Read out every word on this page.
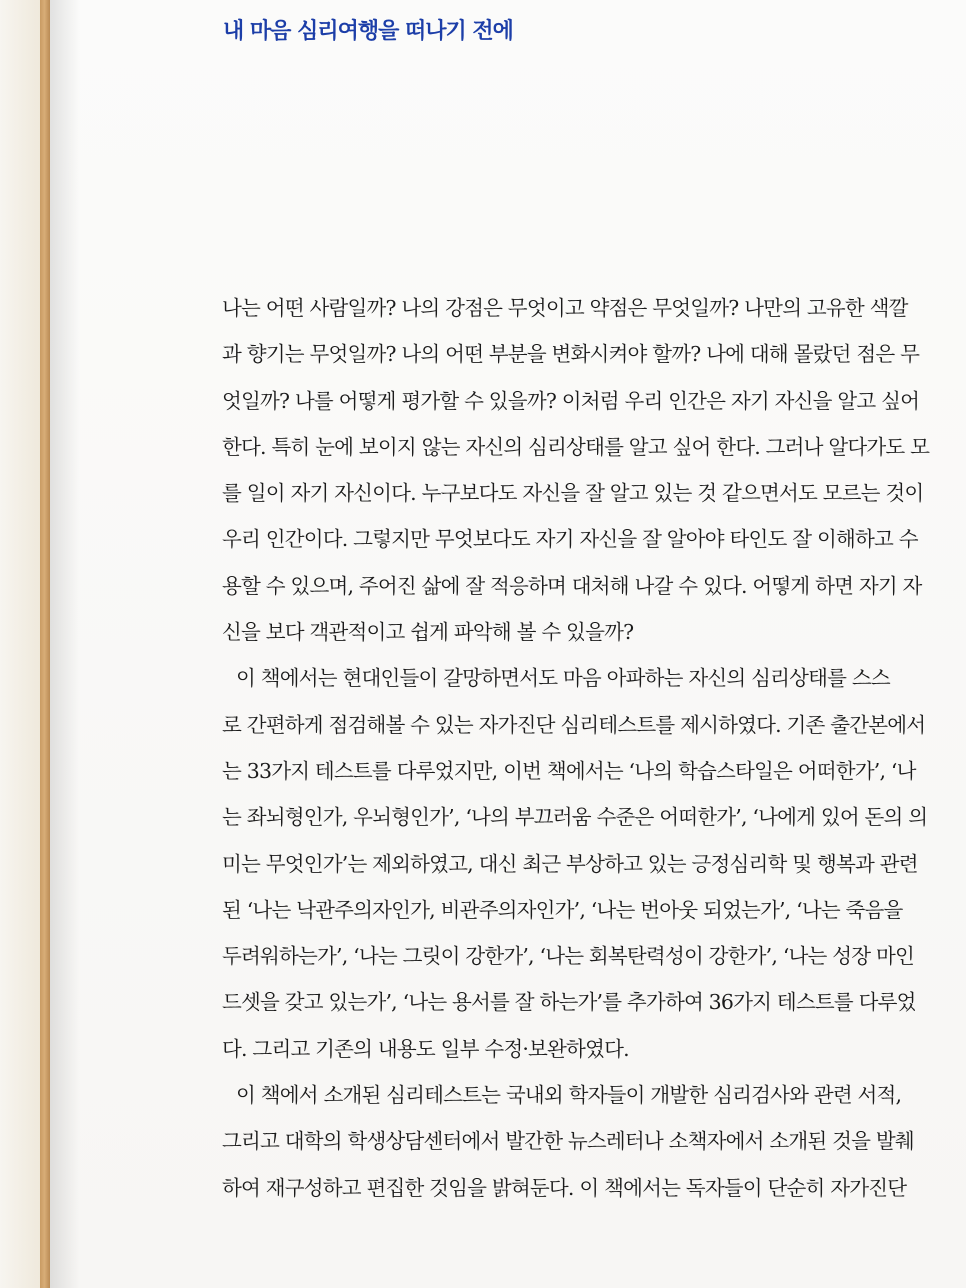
내 마음 심리여행을 떠나기 전에
나는 어떤 사람일까? 나의 강점은 무엇이고 약점은 무엇일까? 나만의 고유한 색깔
과 향기는 무엇일까? 나의 어떤 부분을 변화시켜야 할까? 나에 대해 몰랐던 점은 무
엇일까? 나를 어떻게 평가할 수 있을까? 이처럼 우리 인간은 자기 자신을 알고 싶어
한다. 특히 눈에 보이지 않는 자신의 심리상태를 알고 싶어 한다. 그러나 알다가도 모
를 일이 자기 자신이다. 누구보다도 자신을 잘 알고 있는 것 같으면서도 모르는 것이
우리 인간이다. 그렇지만 무엇보다도 자기 자신을 잘 알아야 타인도 잘 이해하고 수
용할 수 있으며, 주어진 삶에 잘 적응하며 대처해 나갈 수 있다. 어떻게 하면 자기 자
신을 보다 객관적이고 쉽게 파악해 볼 수 있을까?
이 책에서는 현대인들이 갈망하면서도 마음 아파하는 자신의 심리상태를 스스
로 간편하게 점검해볼 수 있는 자가진단 심리테스트를 제시하였다. 기존 출간본에서
는 33가지 테스트를 다루었지만, 이번 책에서는 ‘나의 학습스타일은 어떠한가’, ‘나
는 좌뇌형인가, 우뇌형인가’, ‘나의 부끄러움 수준은 어떠한가’, ‘나에게 있어 돈의 의
미는 무엇인가’는 제외하였고, 대신 최근 부상하고 있는 긍정심리학 및 행복과 관련
된 ‘나는 낙관주의자인가, 비관주의자인가’, ‘나는 번아웃 되었는가’, ‘나는 죽음을
두려워하는가’, ‘나는 그릿이 강한가’, ‘나는 회복탄력성이 강한가’, ‘나는 성장 마인
드셋을 갖고 있는가’, ‘나는 용서를 잘 하는가’를 추가하여 36가지 테스트를 다루었
다. 그리고 기존의 내용도 일부 수정·보완하였다.
이 책에서 소개된 심리테스트는 국내외 학자들이 개발한 심리검사와 관련 서적,
그리고 대학의 학생상담센터에서 발간한 뉴스레터나 소책자에서 소개된 것을 발췌
하여 재구성하고 편집한 것임을 밝혀둔다. 이 책에서는 독자들이 단순히 자가진단
